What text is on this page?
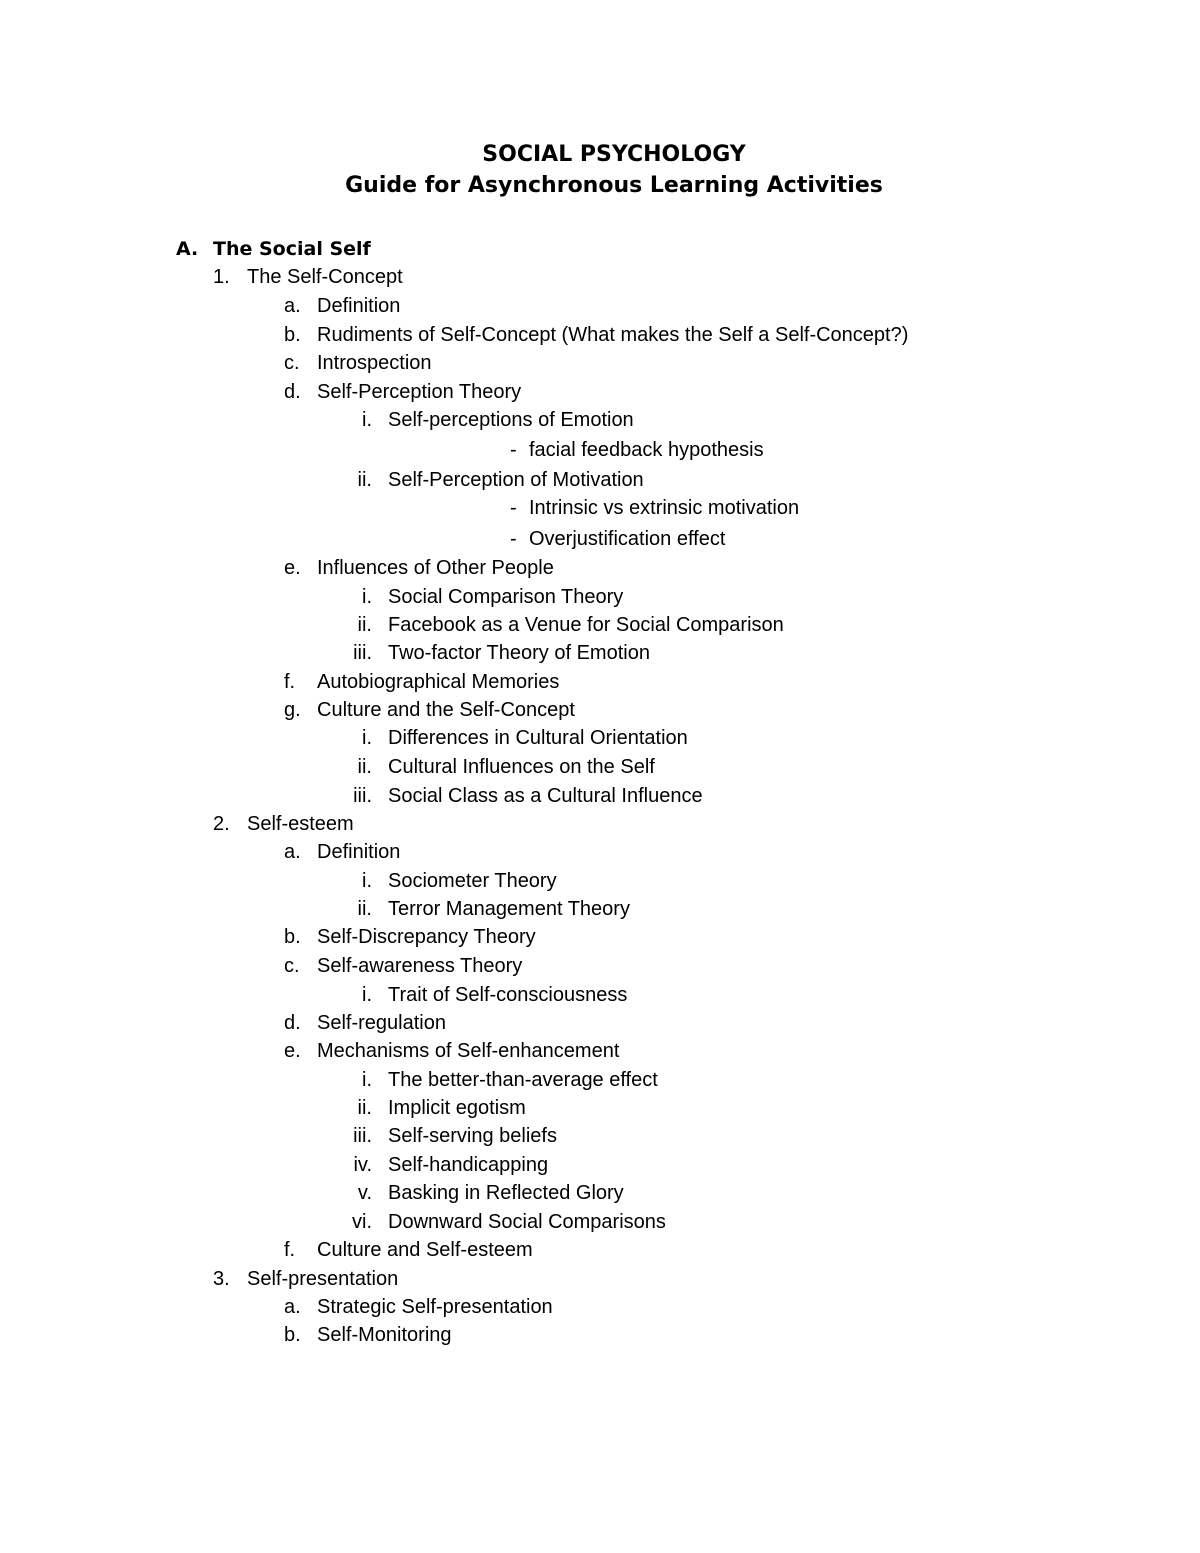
SOCIAL PSYCHOLOGY
Guide for Asynchronous Learning Activities
A. The Social Self
1. The Self-Concept
a. Definition
b. Rudiments of Self-Concept (What makes the Self a Self-Concept?)
c. Introspection
d. Self-Perception Theory
i. Self-perceptions of Emotion
- facial feedback hypothesis
ii. Self-Perception of Motivation
- Intrinsic vs extrinsic motivation
- Overjustification effect
e. Influences of Other People
i. Social Comparison Theory
ii. Facebook as a Venue for Social Comparison
iii. Two-factor Theory of Emotion
f. Autobiographical Memories
g. Culture and the Self-Concept
i. Differences in Cultural Orientation
ii. Cultural Influences on the Self
iii. Social Class as a Cultural Influence
2. Self-esteem
a. Definition
i. Sociometer Theory
ii. Terror Management Theory
b. Self-Discrepancy Theory
c. Self-awareness Theory
i. Trait of Self-consciousness
d. Self-regulation
e. Mechanisms of Self-enhancement
i. The better-than-average effect
ii. Implicit egotism
iii. Self-serving beliefs
iv. Self-handicapping
v. Basking in Reflected Glory
vi. Downward Social Comparisons
f. Culture and Self-esteem
3. Self-presentation
a. Strategic Self-presentation
b. Self-Monitoring
